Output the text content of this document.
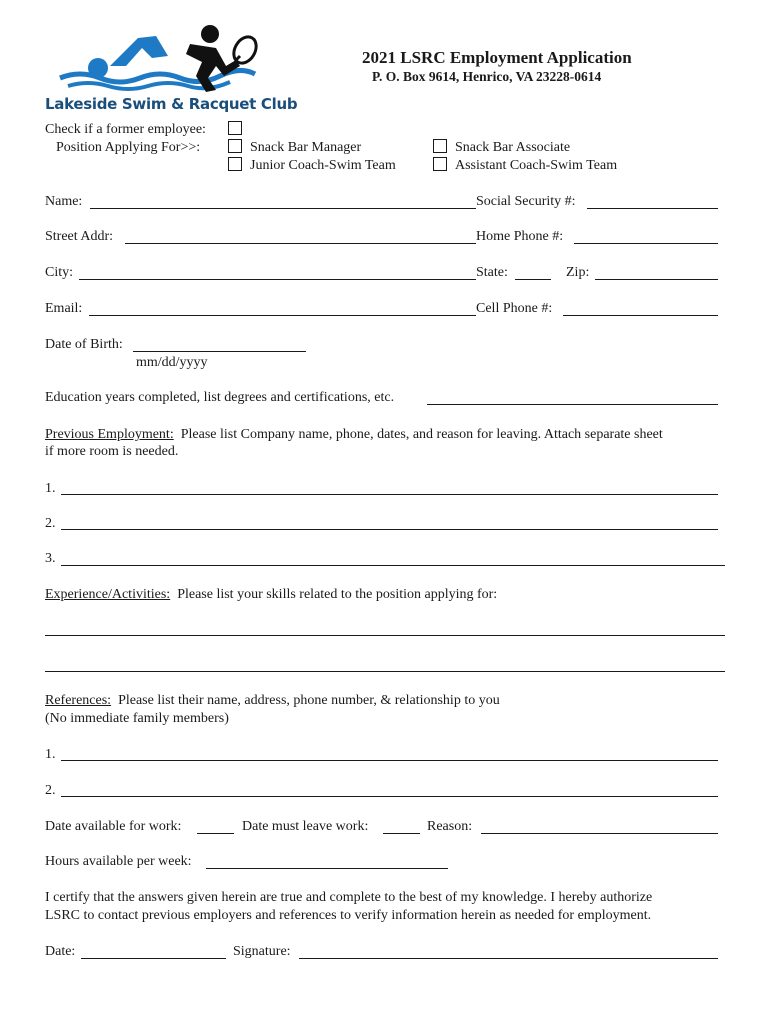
Lakeside Swim & Racquet Club
2021 LSRC Employment Application
P. O. Box 9614, Henrico, VA 23228-0614
Check if a former employee:
Position Applying For>>:	Snack Bar Manager	Snack Bar Associate
Junior Coach-Swim Team	Assistant Coach-Swim Team
Name:	Social Security #:
Street Addr:	Home Phone #:
City:	State:	Zip:
Email:	Cell Phone #:
Date of Birth:
mm/dd/yyyy
Education years completed, list degrees and certifications, etc.
Previous Employment: Please list Company name, phone, dates, and reason for leaving. Attach separate sheet
if more room is needed.
1.
2.
3.
Experience/Activities: Please list your skills related to the position applying for:
References: Please list their name, address, phone number, & relationship to you
(No immediate family members)
1.
2.
Date available for work:	Date must leave work:	Reason:
Hours available per week:
I certify that the answers given herein are true and complete to the best of my knowledge. I hereby authorize
LSRC to contact previous employers and references to verify information herein as needed for employment.
Date:	Signature:
